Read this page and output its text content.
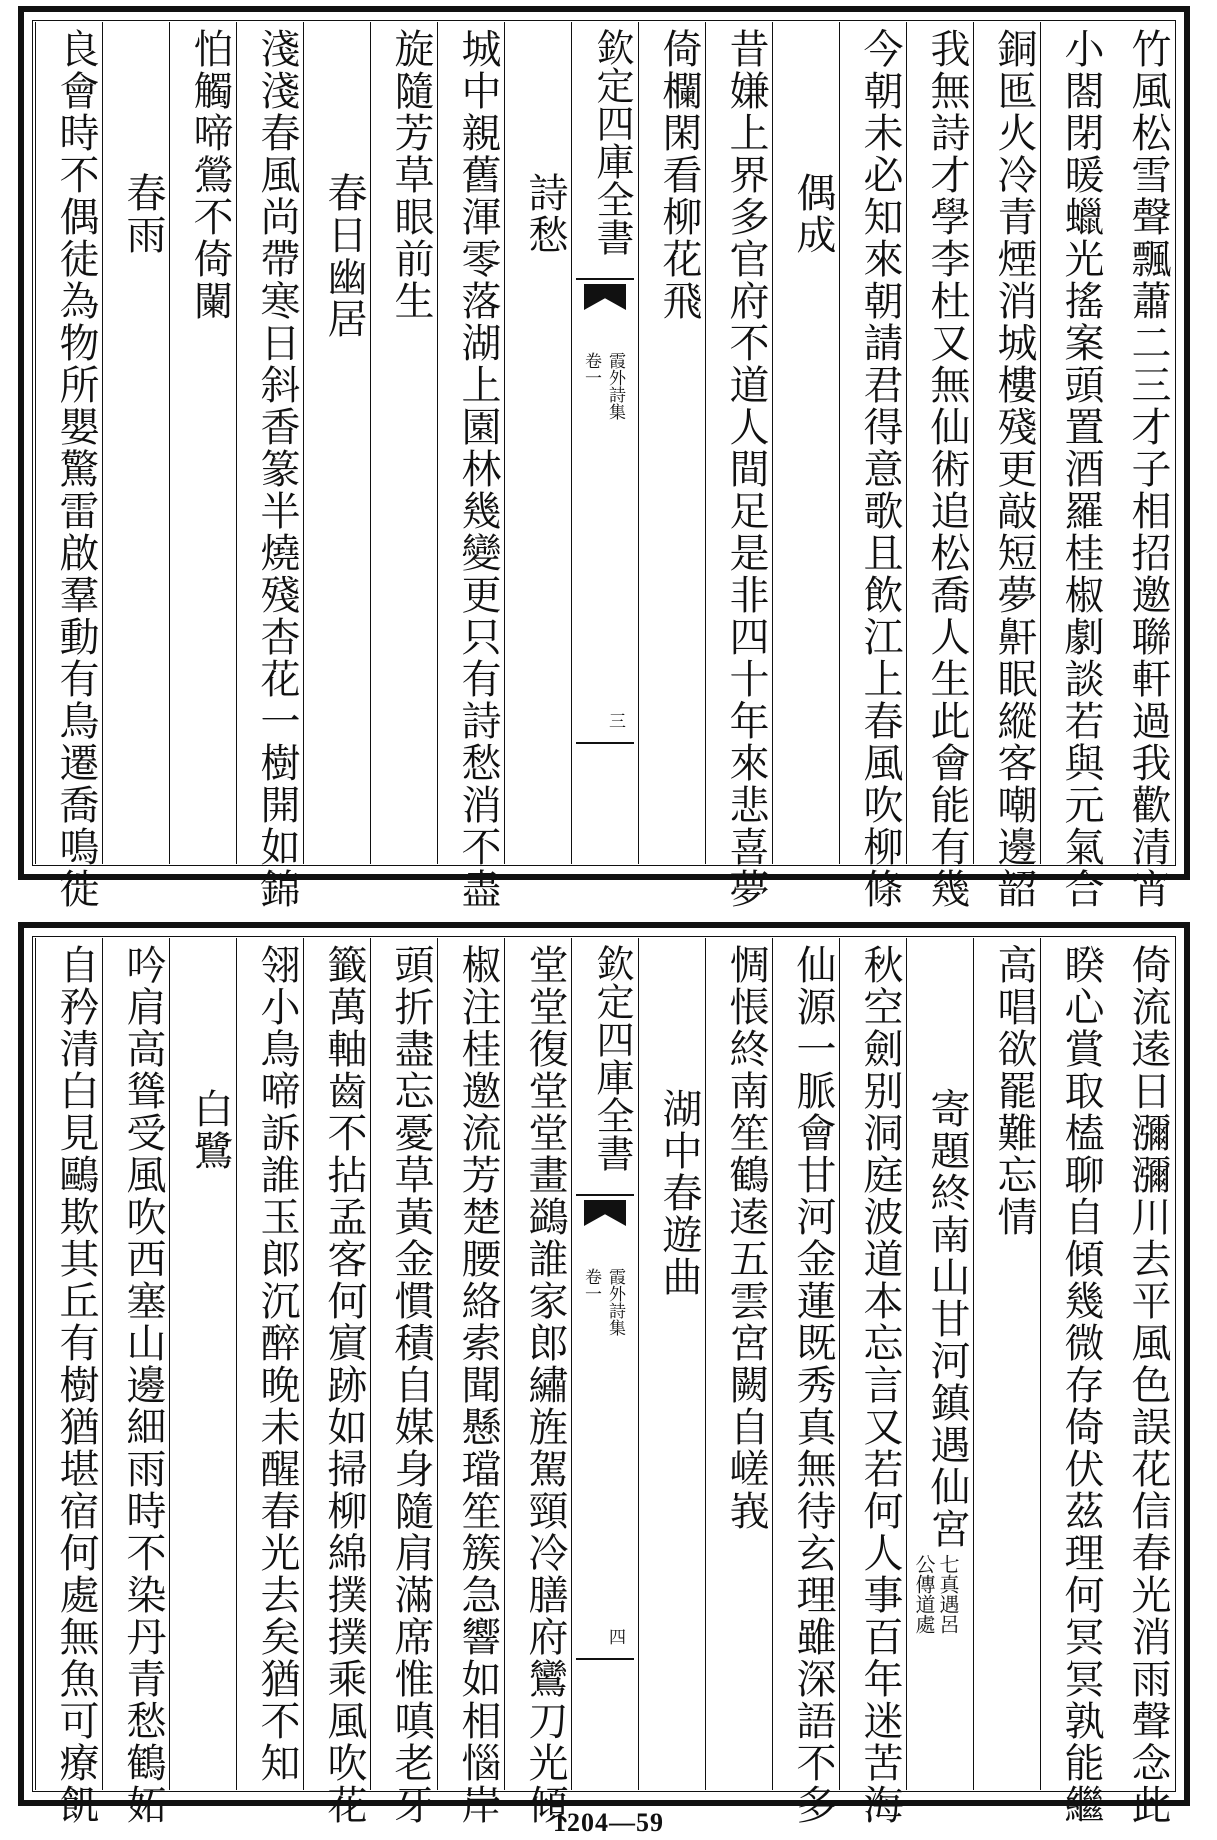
竹風松雪聲飄蕭二三才子相招邀聯軒過我歡清宵
小閤閉暖蠟光搖案頭置酒羅桂椒劇談若與元氣合
銅匜火冷青煙消城樓殘更敲短夢鼾眠縱客嘲邊韶
我無詩才學李杜又無仙術追松喬人生此會能有幾
今朝未必知來朝請君得意歌且飲江上春風吹柳條
偶成
昔嫌上界多官府不道人間足是非四十年來悲喜夢
倚欄閑看柳花飛
欽定四庫全書
霞外詩集
卷一
三
詩愁
城中親舊渾零落湖上園林幾變更只有詩愁消不盡
旋隨芳草眼前生
春日幽居
淺淺春風尚帶寒日斜香篆半燒殘杏花一樹開如錦
怕觸啼鶯不倚闌
春雨
良會時不偶徒為物所嬰驚雷啟羣動有鳥遷喬鳴徙
倚流逺日瀰瀰川去平風色誤花信春光消雨聲念此
睽心賞取榼聊自傾幾微存倚伏茲理何冥冥孰能繼
高唱欲罷難忘情
寄題終南山甘河鎮遇仙宮
七真遇呂
公傳道處
秋空劍别洞庭波道本忘言又若何人事百年迷苦海
仙源一脈會甘河金蓮既秀真無待玄理雖深語不多
惆悵終南笙鶴逺五雲宮闕自嵯峩
湖中春遊曲
欽定四庫全書
霞外詩集
卷一
四
堂堂復堂堂畫鷁誰家郎繡旌駕頸冷膳府鸞刀光傾
椒注桂邀流芳楚腰絡索聞懸璫笙簇急響如相惱岸
頭折盡忘憂草黃金慣積自媒身隨肩滿席惟嗔老牙
籤萬軸齒不拈孟客何賔跡如掃柳綿撲撲乘風吹花
翎小鳥啼訴誰玉郎沉醉晚未醒春光去矣猶不知
白鷺
吟肩高聳受風吹西塞山邊細雨時不染丹青愁鶴妬
自矜清白見鷗欺其丘有樹猶堪宿何處無魚可療飢	1204—59
